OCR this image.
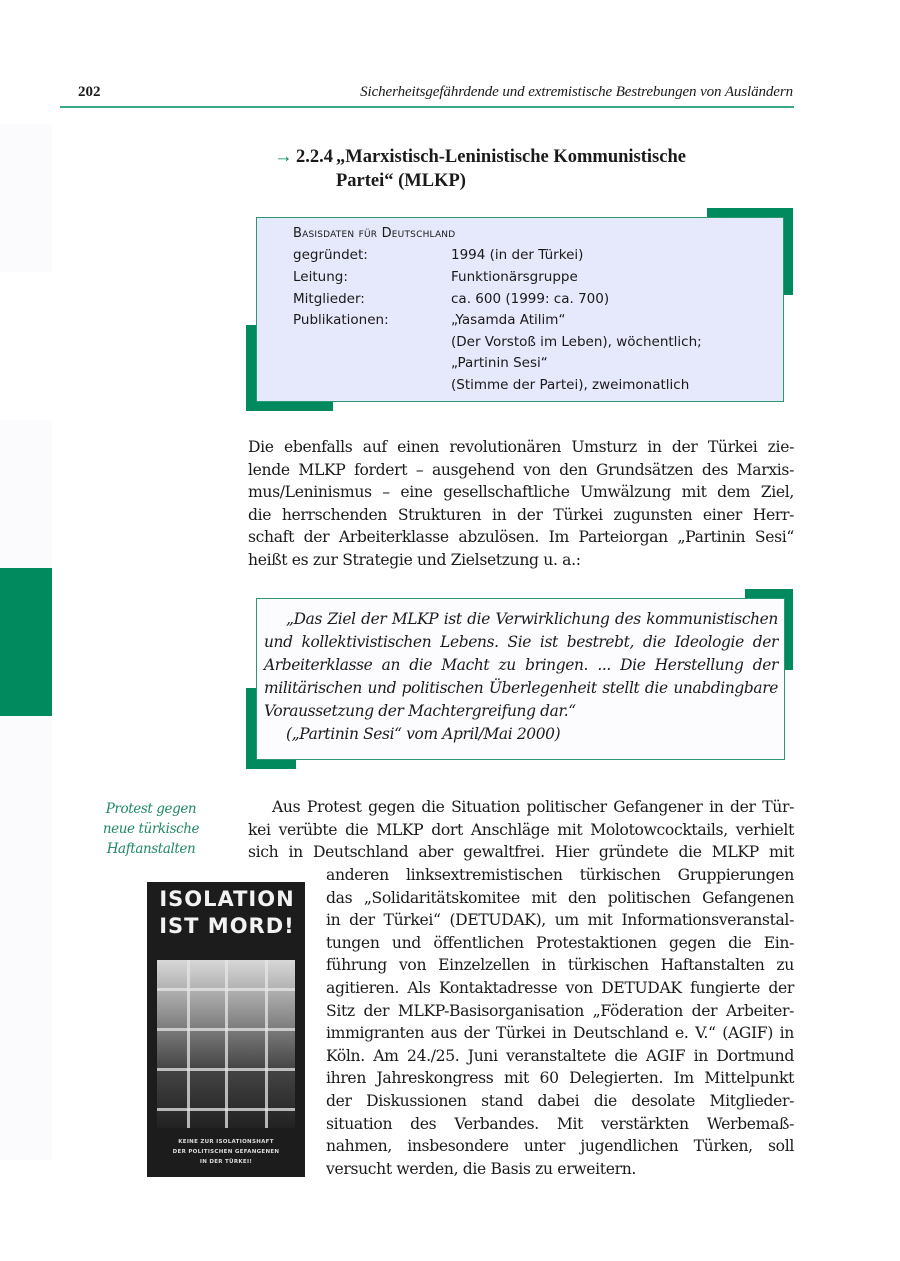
202	Sicherheitsgefährdende und extremistische Bestrebungen von Ausländern
→ 2.2.4 „Marxistisch-Leninistische Kommunistische
Partei“ (MLKP)
Basisdaten für Deutschland
gegründet:	1994 (in der Türkei)
Leitung:	Funktionärsgruppe
Mitglieder:	ca. 600 (1999: ca. 700)
Publikationen:	„Yasamda Atilim“
(Der Vorstoß im Leben), wöchentlich;
„Partinin Sesi“
(Stimme der Partei), zweimonatlich
Die ebenfalls auf einen revolutionären Umsturz in der Türkei zie-
lende MLKP fordert – ausgehend von den Grundsätzen des Marxis-
mus/Leninismus – eine gesellschaftliche Umwälzung mit dem Ziel,
die herrschenden Strukturen in der Türkei zugunsten einer Herr-
schaft der Arbeiterklasse abzulösen. Im Parteiorgan „Partinin Sesi“
heißt es zur Strategie und Zielsetzung u. a.:
„Das Ziel der MLKP ist die Verwirklichung des kommunistischen
und kollektivistischen Lebens. Sie ist bestrebt, die Ideologie der
Arbeiterklasse an die Macht zu bringen. ... Die Herstellung der
militärischen und politischen Überlegenheit stellt die unabdingbare
Voraussetzung der Machtergreifung dar.“
(„Partinin Sesi“ vom April/Mai 2000)
Protest gegen
neue türkische
Haftanstalten
ISOLATION
IST MORD!
KEINE ZUR ISOLATIONSHAFT
DER POLITISCHEN GEFANGENEN
IN DER TÜRKEI!
Aus Protest gegen die Situation politischer Gefangener in der Tür-
kei verübte die MLKP dort Anschläge mit Molotowcocktails, verhielt
sich in Deutschland aber gewaltfrei. Hier gründete die MLKP mit
anderen linksextremistischen türkischen Gruppierungen
das „Solidaritätskomitee mit den politischen Gefangenen
in der Türkei“ (DETUDAK), um mit Informationsveranstal-
tungen und öffentlichen Protestaktionen gegen die Ein-
führung von Einzelzellen in türkischen Haftanstalten zu
agitieren. Als Kontaktadresse von DETUDAK fungierte der
Sitz der MLKP-Basisorganisation „Föderation der Arbeiter-
immigranten aus der Türkei in Deutschland e. V.“ (AGIF) in
Köln. Am 24./25. Juni veranstaltete die AGIF in Dortmund
ihren Jahreskongress mit 60 Delegierten. Im Mittelpunkt
der Diskussionen stand dabei die desolate Mitglieder-
situation des Verbandes. Mit verstärkten Werbemaß-
nahmen, insbesondere unter jugendlichen Türken, soll
versucht werden, die Basis zu erweitern.
